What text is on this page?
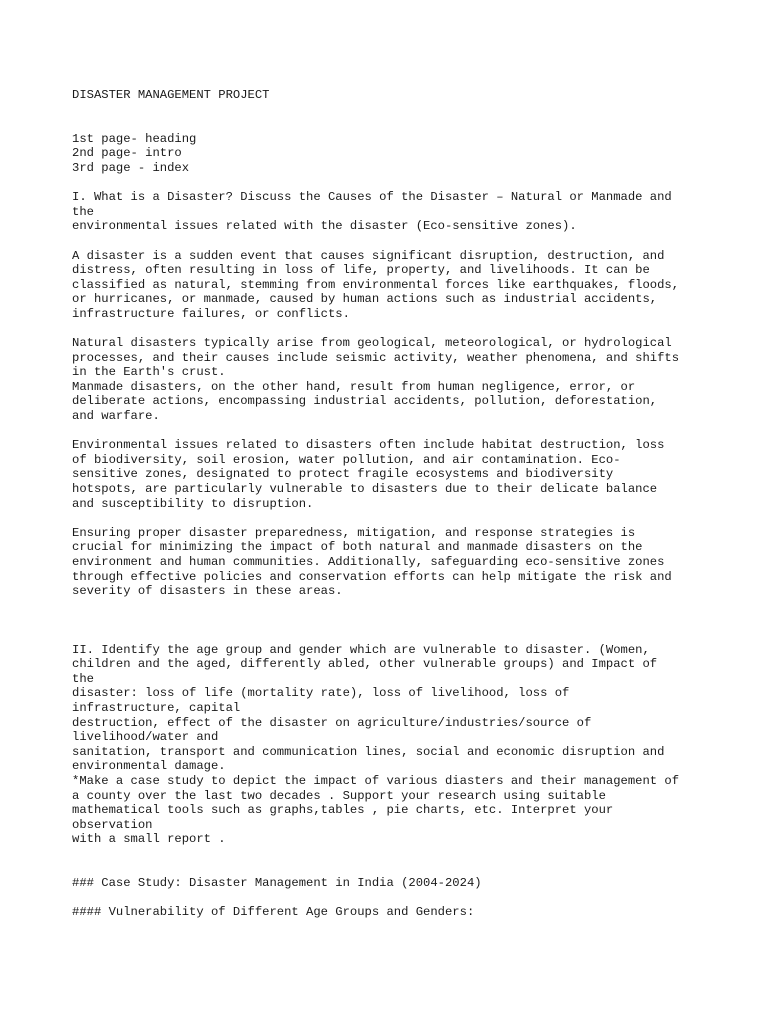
DISASTER MANAGEMENT PROJECT

1st page- heading
2nd page- intro
3rd page - index

I. What is a Disaster? Discuss the Causes of the Disaster – Natural or Manmade and
the
environmental issues related with the disaster (Eco-sensitive zones).

A disaster is a sudden event that causes significant disruption, destruction, and
distress, often resulting in loss of life, property, and livelihoods. It can be
classified as natural, stemming from environmental forces like earthquakes, floods,
or hurricanes, or manmade, caused by human actions such as industrial accidents,
infrastructure failures, or conflicts.

Natural disasters typically arise from geological, meteorological, or hydrological
processes, and their causes include seismic activity, weather phenomena, and shifts
in the Earth's crust.
Manmade disasters, on the other hand, result from human negligence, error, or
deliberate actions, encompassing industrial accidents, pollution, deforestation,
and warfare.

Environmental issues related to disasters often include habitat destruction, loss
of biodiversity, soil erosion, water pollution, and air contamination. Eco-
sensitive zones, designated to protect fragile ecosystems and biodiversity
hotspots, are particularly vulnerable to disasters due to their delicate balance
and susceptibility to disruption.

Ensuring proper disaster preparedness, mitigation, and response strategies is
crucial for minimizing the impact of both natural and manmade disasters on the
environment and human communities. Additionally, safeguarding eco-sensitive zones
through effective policies and conservation efforts can help mitigate the risk and
severity of disasters in these areas.

II. Identify the age group and gender which are vulnerable to disaster. (Women,
children and the aged, differently abled, other vulnerable groups) and Impact of
the
disaster: loss of life (mortality rate), loss of livelihood, loss of
infrastructure, capital
destruction, effect of the disaster on agriculture/industries/source of
livelihood/water and
sanitation, transport and communication lines, social and economic disruption and
environmental damage.
*Make a case study to depict the impact of various diasters and their management of
a county over the last two decades . Support your research using suitable
mathematical tools such as graphs,tables , pie charts, etc. Interpret your
observation
with a small report .

### Case Study: Disaster Management in India (2004-2024)

#### Vulnerability of Different Age Groups and Genders:
